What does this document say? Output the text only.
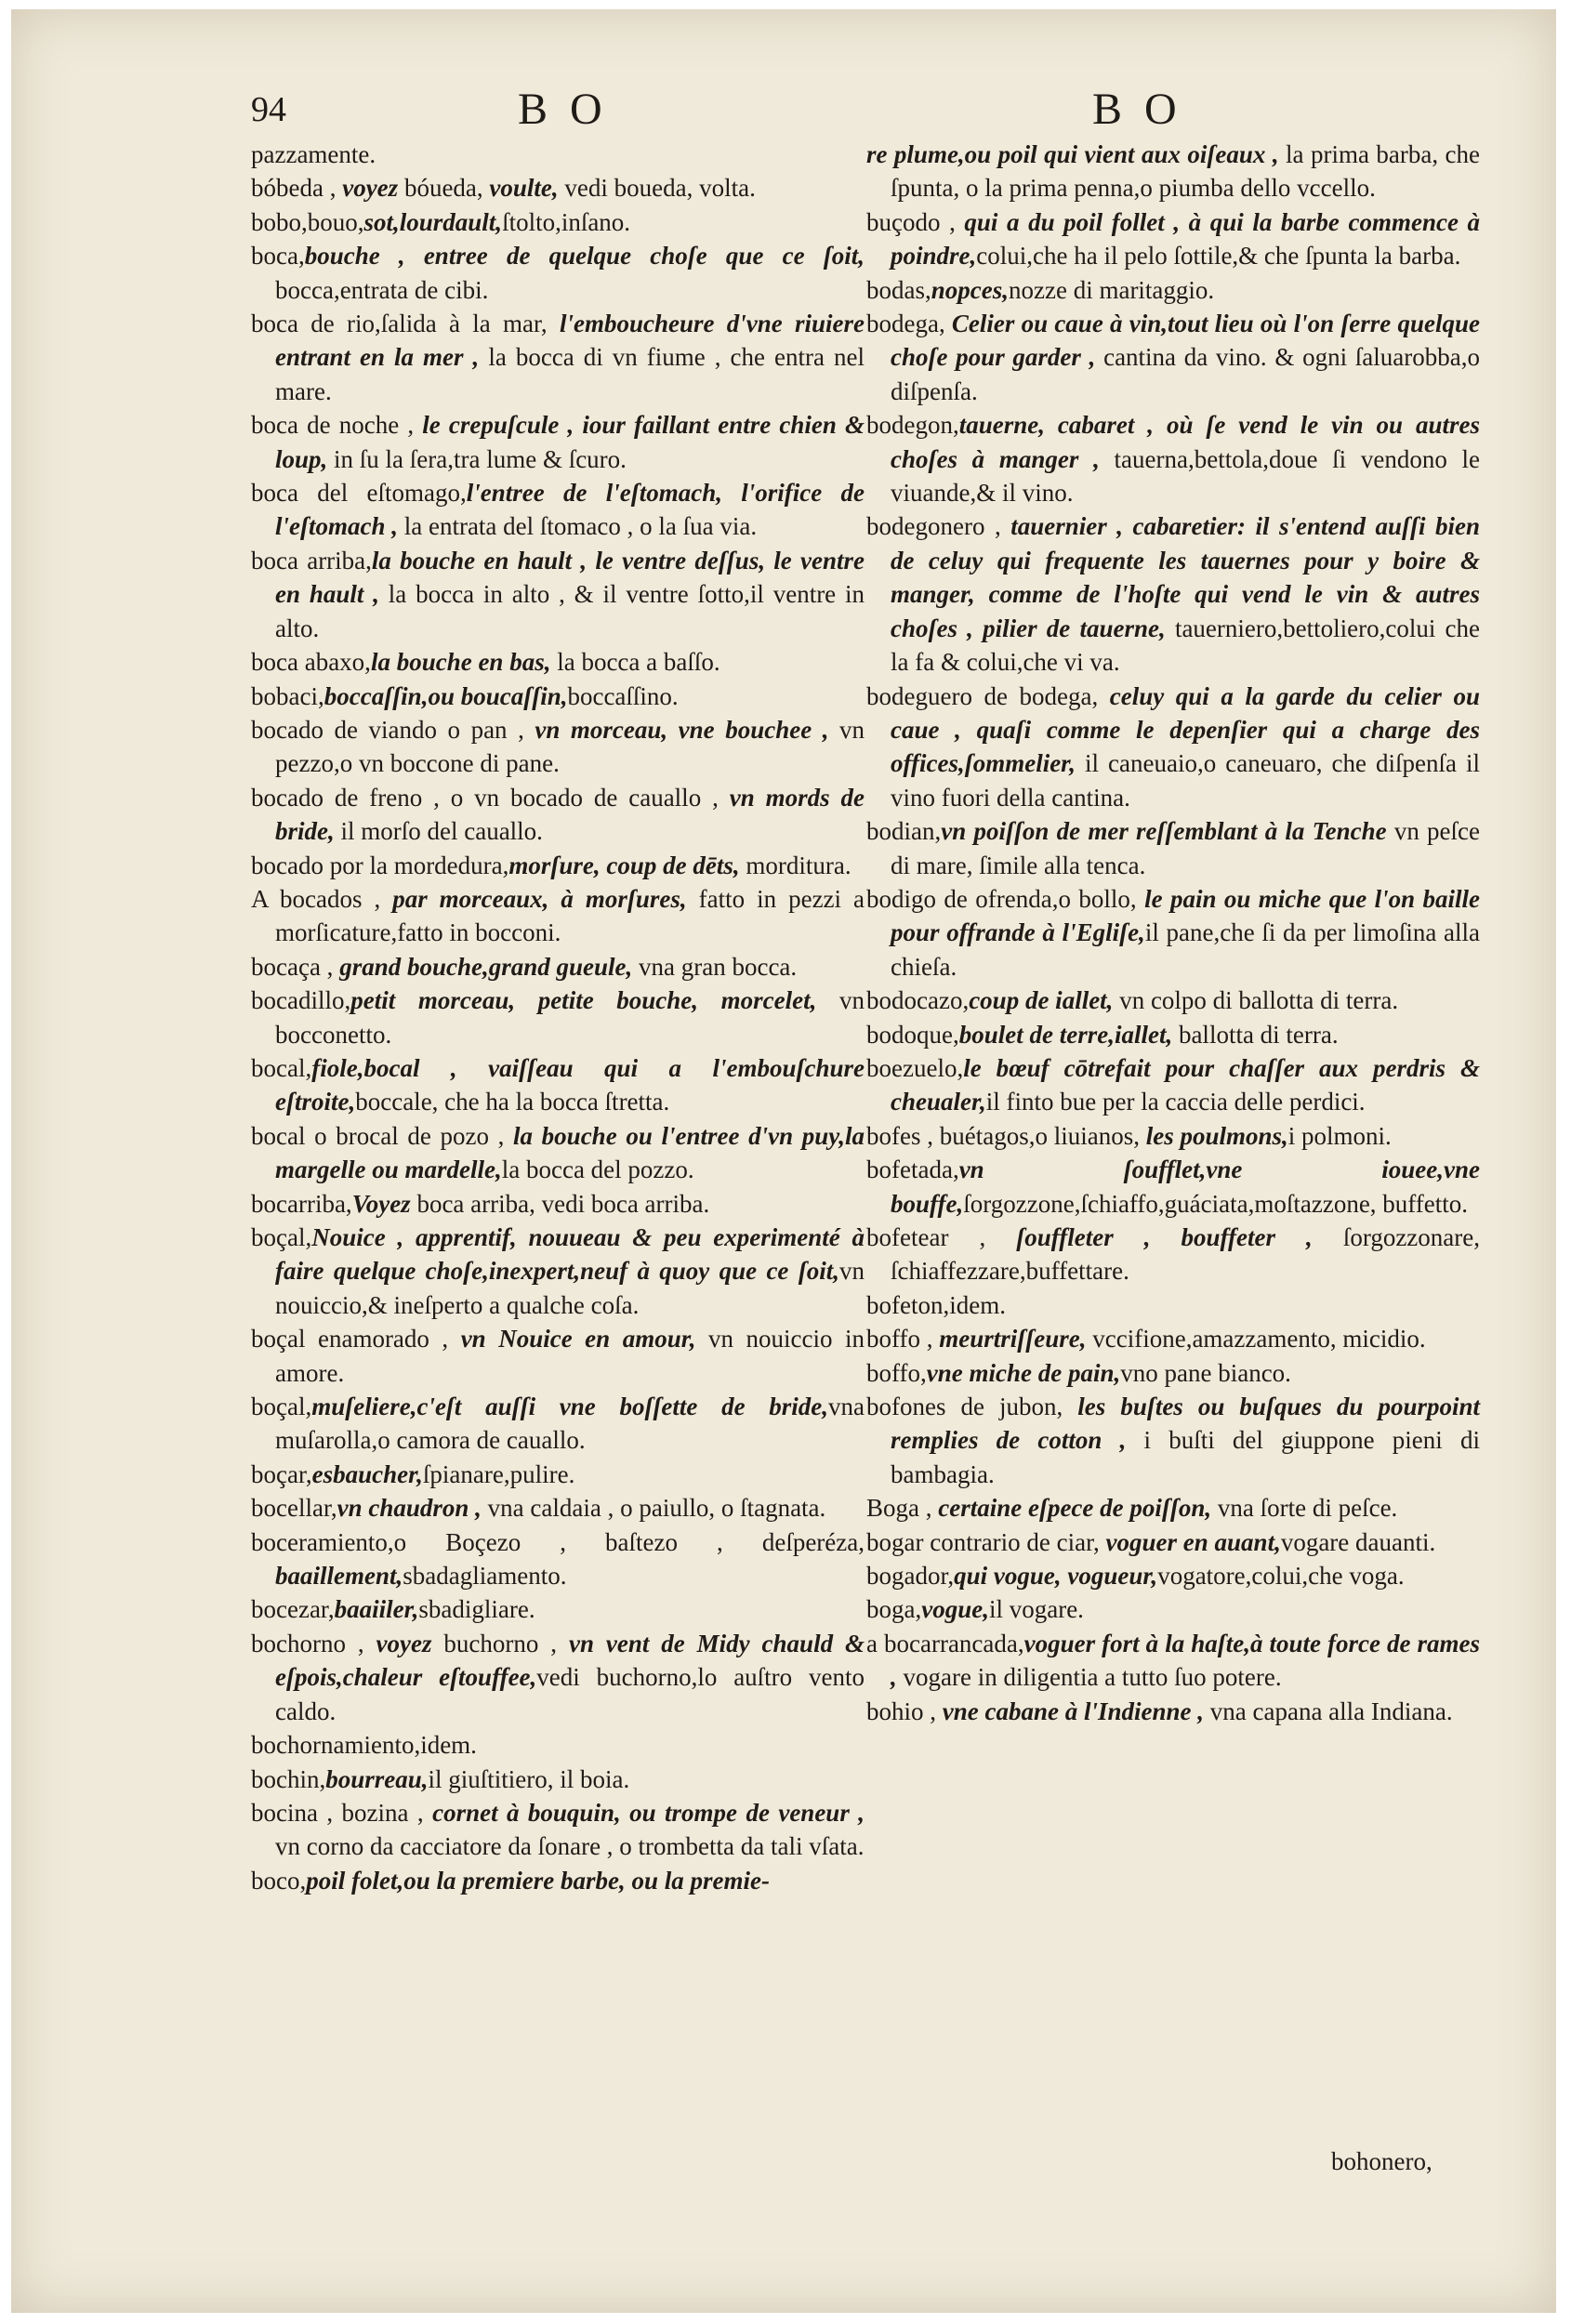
94	B O	B O

pazzamente.

bóbeda , voyez bóueda, voulte, vedi boueda, volta.

bobo,bouo,sot,lourdault,ſtolto,inſano.

boca,bouche , entree de quelque choſe que ce ſoit, bocca,entrata de cibi.

boca de rio,ſalida à la mar, l'emboucheure d'vne riuiere entrant en la mer , la bocca di vn fiume , che entra nel mare.

boca de noche , le crepuſcule , iour faillant entre chien & loup, in ſu la ſera,tra lume & ſcuro.

boca del eſtomago,l'entree de l'eſtomach, l'orifice de l'eſtomach , la entrata del ſtomaco , o la ſua via.

boca arriba,la bouche en hault , le ventre deſſus, le ventre en hault , la bocca in alto , & il ventre ſotto,il ventre in alto.

boca abaxo,la bouche en bas, la bocca a baſſo.

bobaci,boccaſſin,ou boucaſſin,boccaſſino.

bocado de viando o pan , vn morceau, vne bouchee , vn pezzo,o vn boccone di pane.

bocado de freno , o vn bocado de cauallo , vn mords de bride, il morſo del cauallo.

bocado por la mordedura,morſure, coup de dēts, morditura.

A bocados , par morceaux, à morſures, fatto in pezzi a morſicature,fatto in bocconi.

bocaça , grand bouche,grand gueule, vna gran bocca.

bocadillo,petit morceau, petite bouche, morcelet, vn bocconetto.

bocal,fiole,bocal , vaiſſeau qui a l'embouſchure eſtroite,boccale, che ha la bocca ſtretta.

bocal o brocal de pozo , la bouche ou l'entree d'vn puy,la margelle ou mardelle,la bocca del pozzo.

bocarriba,Voyez boca arriba, vedi boca arriba.

boçal,Nouice , apprentif, nouueau & peu experimenté à faire quelque choſe,inexpert,neuf à quoy que ce ſoit,vn nouiccio,& ineſperto a qualche coſa.

boçal enamorado , vn Nouice en amour, vn nouiccio in amore.

boçal,muſeliere,c'eſt auſſi vne boſſette de bride,vna muſarolla,o camora de cauallo.

boçar,esbaucher,ſpianare,pulire.

bocellar,vn chaudron , vna caldaia , o paiullo, o ſtagnata.

boceramiento,o Boçezo , baſtezo , deſperéza, baaillement,sbadagliamento.

bocezar,baaiiler,sbadigliare.

bochorno , voyez buchorno , vn vent de Midy chauld & eſpois,chaleur eſtouffee,vedi buchorno,lo auſtro vento caldo.

bochornamiento,idem.

bochin,bourreau,il giuſtitiero, il boia.

bocina , bozina , cornet à bouquin, ou trompe de veneur , vn corno da cacciatore da ſonare , o trombetta da tali vſata.

boco,poil folet,ou la premiere barbe, ou la premie-

re plume,ou poil qui vient aux oiſeaux , la prima barba, che ſpunta, o la prima penna,o piumba dello vccello.

buçodo , qui a du poil follet , à qui la barbe commence à poindre,colui,che ha il pelo ſottile,& che ſpunta la barba.

bodas,nopces,nozze di maritaggio.

bodega, Celier ou caue à vin,tout lieu où l'on ſerre quelque choſe pour garder , cantina da vino. & ogni ſaluarobba,o diſpenſa.

bodegon,tauerne, cabaret , où ſe vend le vin ou autres choſes à manger , tauerna,bettola,doue ſi vendono le viuande,& il vino.

bodegonero , tauernier , cabaretier: il s'entend auſſi bien de celuy qui frequente les tauernes pour y boire & manger, comme de l'hoſte qui vend le vin & autres choſes , pilier de tauerne, tauerniero,bettoliero,colui che la fa & colui,che vi va.

bodeguero de bodega, celuy qui a la garde du celier ou caue , quaſi comme le depenſier qui a charge des offices,ſommelier, il caneuaio,o caneuaro, che diſpenſa il vino fuori della cantina.

bodian,vn poiſſon de mer reſſemblant à la Tenche vn peſce di mare, ſimile alla tenca.

bodigo de ofrenda,o bollo, le pain ou miche que l'on baille pour offrande à l'Egliſe,il pane,che ſi da per limoſina alla chieſa.

bodocazo,coup de iallet, vn colpo di ballotta di terra.

bodoque,boulet de terre,iallet, ballotta di terra.

boezuelo,le bœuf cōtrefait pour chaſſer aux perdris & cheualer,il finto bue per la caccia delle perdici.

bofes , buétagos,o liuianos, les poulmons,i polmoni.

bofetada,vn ſoufflet,vne iouee,vne bouffe,ſorgozzone,ſchiaffo,guáciata,moſtazzone, buffetto.

bofetear , ſouffleter , bouffeter , ſorgozzonare, ſchiaffezzare,buffettare.

bofeton,idem.

boffo , meurtriſſeure, vccifione,amazzamento, micidio.

boffo,vne miche de pain,vno pane bianco.

bofones de jubon, les buſtes ou buſques du pourpoint remplies de cotton , i buſti del giuppone pieni di bambagia.

Boga , certaine eſpece de poiſſon, vna ſorte di peſce.

bogar contrario de ciar, voguer en auant,vogare dauanti.

bogador,qui vogue, vogueur,vogatore,colui,che voga.

boga,vogue,il vogare.

a bocarrancada,voguer fort à la haſte,à toute force de rames , vogare in diligentia a tutto ſuo potere.

bohio , vne cabane à l'Indienne , vna capana alla Indiana.

bohonero,
